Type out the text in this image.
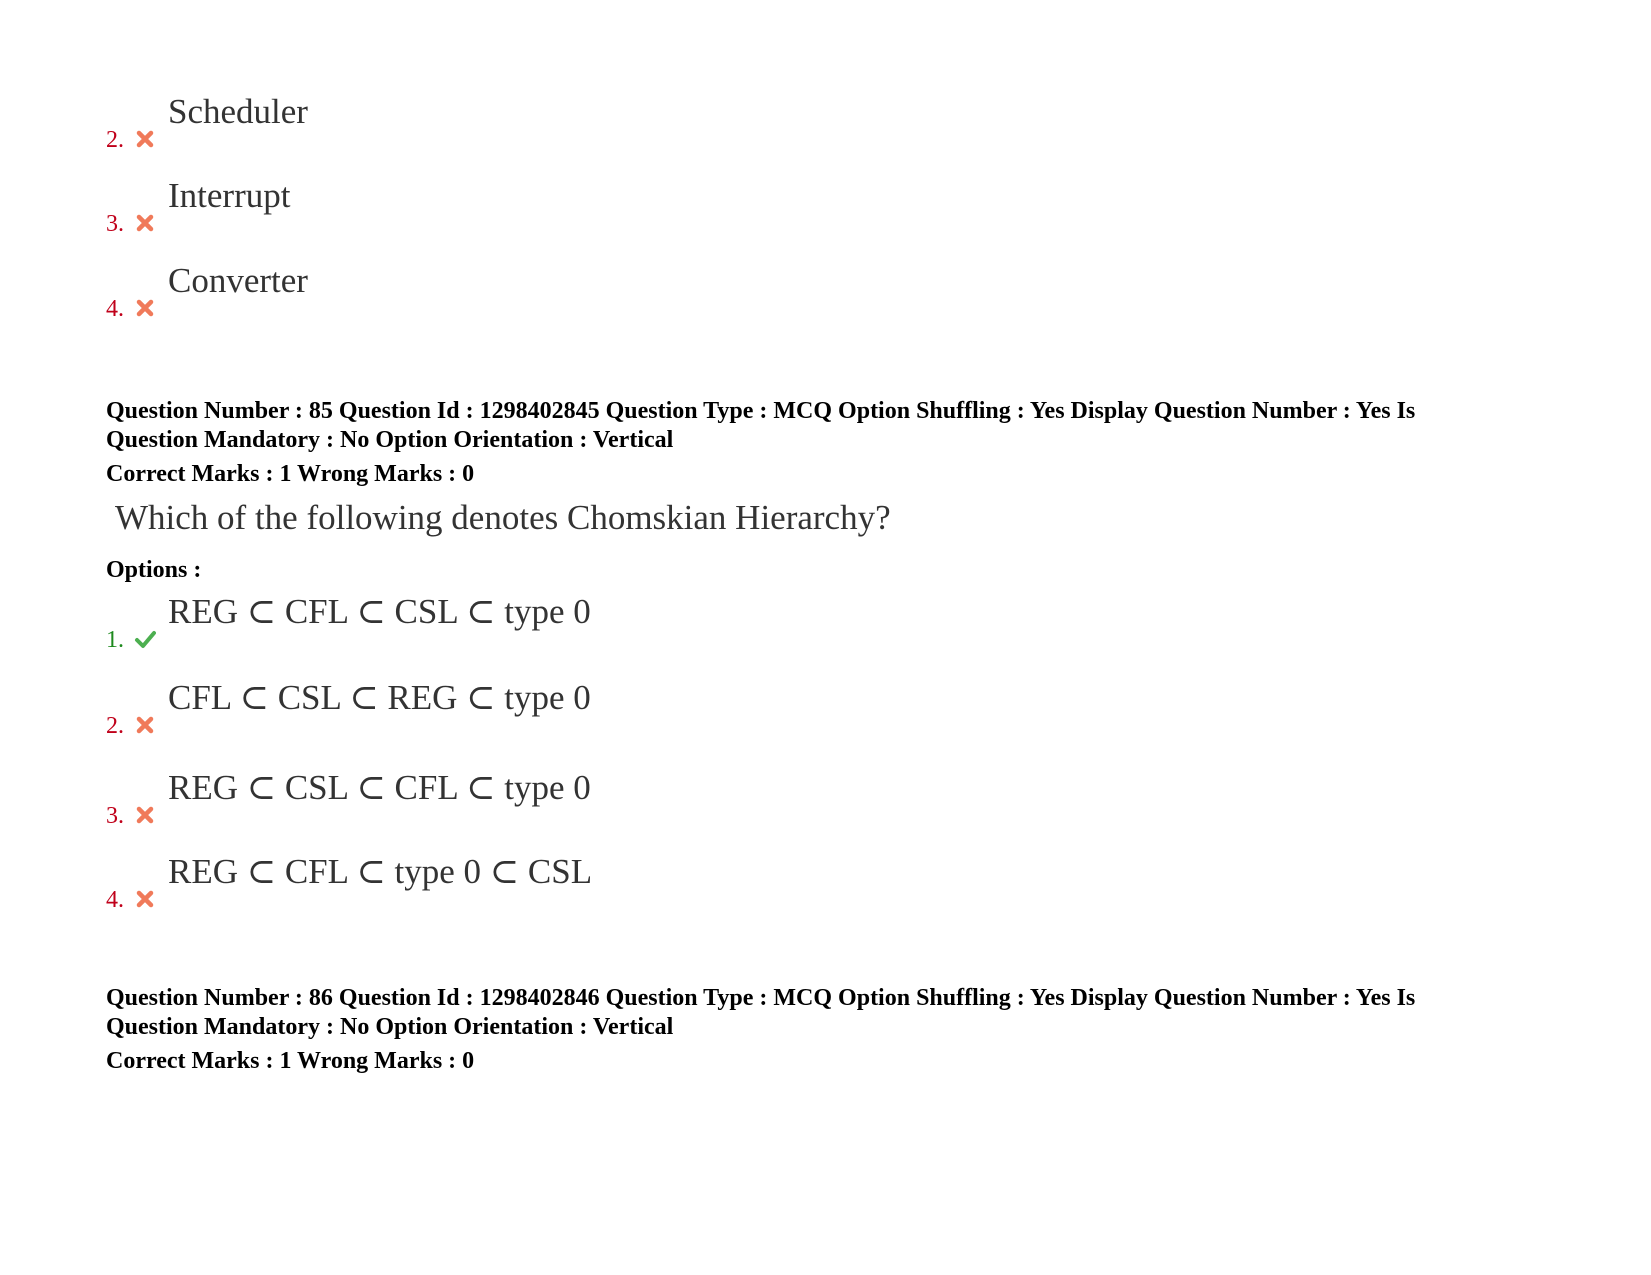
2.
Scheduler
3.
Interrupt
4.
Converter
Question Number : 85 Question Id : 1298402845 Question Type : MCQ Option Shuffling : Yes Display Question Number : Yes Is
Question Mandatory : No Option Orientation : Vertical
Correct Marks : 1 Wrong Marks : 0
Which of the following denotes Chomskian Hierarchy?
Options :
1.
REG ⊂ CFL ⊂ CSL ⊂ type 0
2.
CFL ⊂ CSL ⊂ REG ⊂ type 0
3.
REG ⊂ CSL ⊂ CFL ⊂ type 0
4.
REG ⊂ CFL ⊂ type 0 ⊂ CSL
Question Number : 86 Question Id : 1298402846 Question Type : MCQ Option Shuffling : Yes Display Question Number : Yes Is
Question Mandatory : No Option Orientation : Vertical
Correct Marks : 1 Wrong Marks : 0
